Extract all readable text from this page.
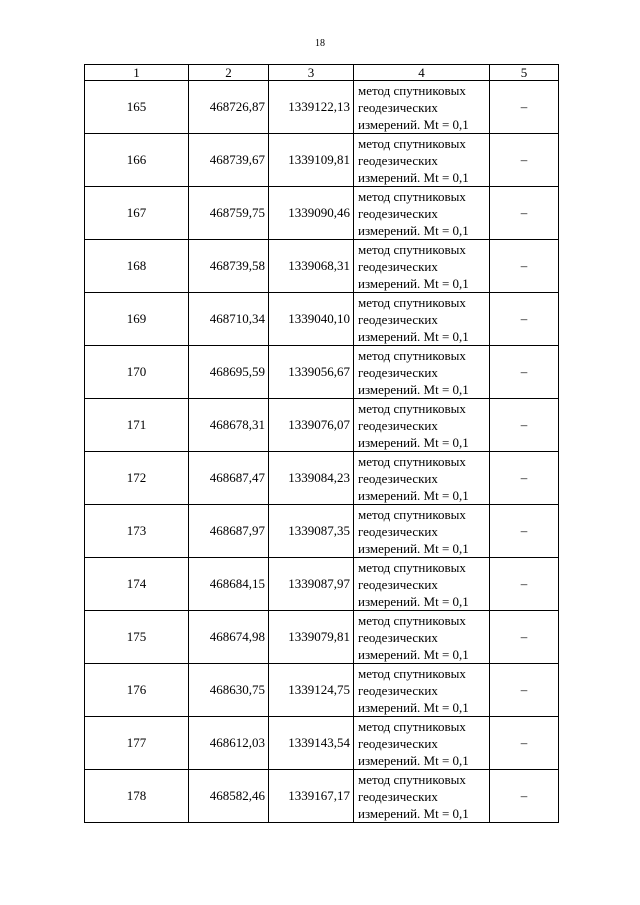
18
1	2	3	4	5
165	468726,87	1339122,13	метод спутниковых
геодезических
измерений. Mt = 0,1	–
166	468739,67	1339109,81	метод спутниковых
геодезических
измерений. Mt = 0,1	–
167	468759,75	1339090,46	метод спутниковых
геодезических
измерений. Mt = 0,1	–
168	468739,58	1339068,31	метод спутниковых
геодезических
измерений. Mt = 0,1	–
169	468710,34	1339040,10	метод спутниковых
геодезических
измерений. Mt = 0,1	–
170	468695,59	1339056,67	метод спутниковых
геодезических
измерений. Mt = 0,1	–
171	468678,31	1339076,07	метод спутниковых
геодезических
измерений. Mt = 0,1	–
172	468687,47	1339084,23	метод спутниковых
геодезических
измерений. Mt = 0,1	–
173	468687,97	1339087,35	метод спутниковых
геодезических
измерений. Mt = 0,1	–
174	468684,15	1339087,97	метод спутниковых
геодезических
измерений. Mt = 0,1	–
175	468674,98	1339079,81	метод спутниковых
геодезических
измерений. Mt = 0,1	–
176	468630,75	1339124,75	метод спутниковых
геодезических
измерений. Mt = 0,1	–
177	468612,03	1339143,54	метод спутниковых
геодезических
измерений. Mt = 0,1	–
178	468582,46	1339167,17	метод спутниковых
геодезических
измерений. Mt = 0,1	–
